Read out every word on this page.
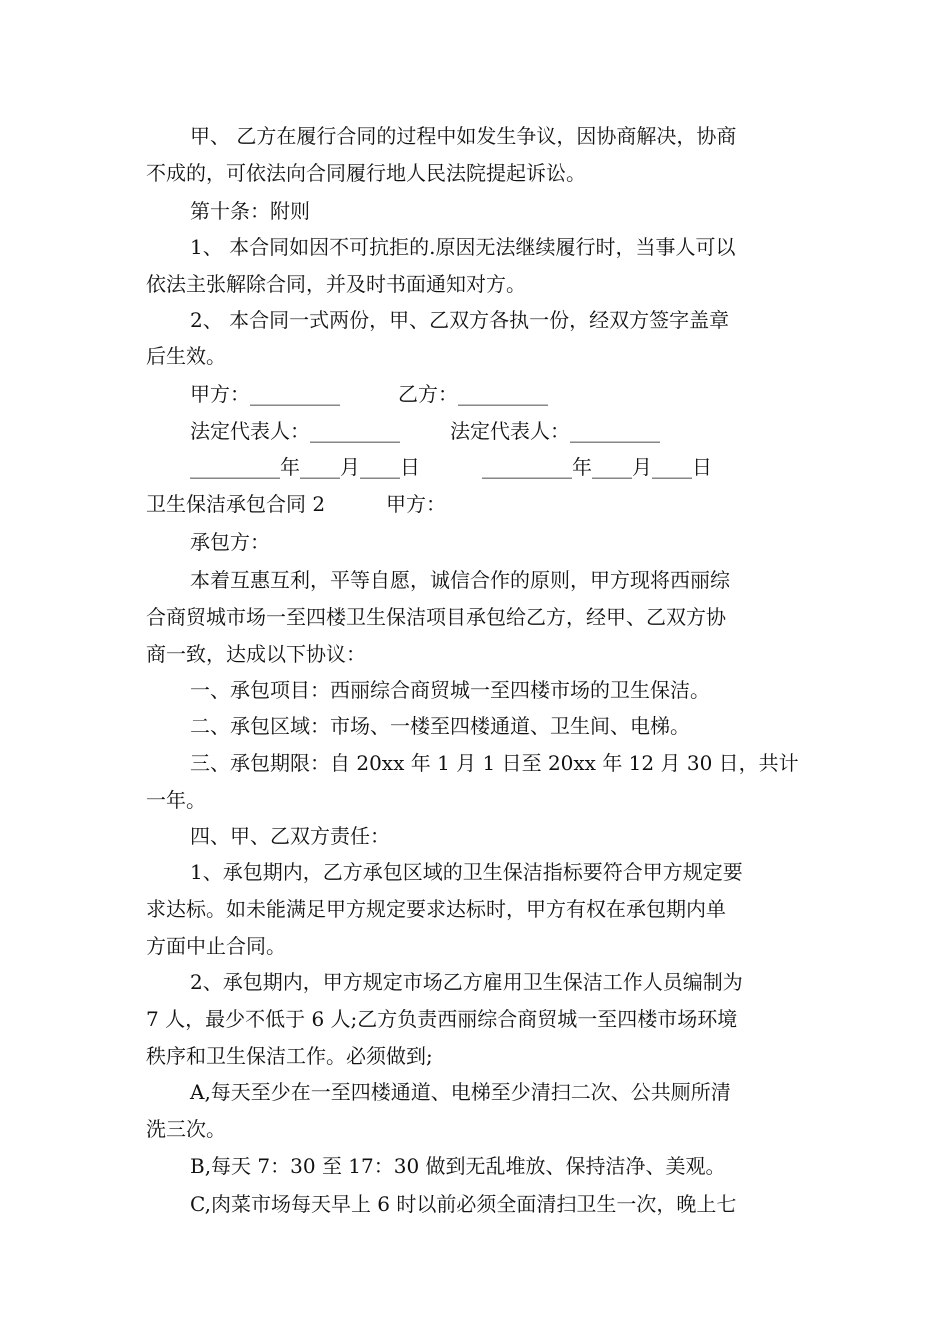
甲、 乙方在履行合同的过程中如发生争议，因协商解决，协商
不成的，可依法向合同履行地人民法院提起诉讼。
第十条：附则
1、 本合同如因不可抗拒的.原因无法继续履行时，当事人可以
依法主张解除合同，并及时书面通知对方。
2、 本合同一式两份，甲、乙双方各执一份，经双方签字盖章
后生效。
甲方：_________	乙方：_________
法定代表人：_________	法定代表人：_________
_________年____月____日	_________年____月____日
卫生保洁承包合同 2	甲方：
承包方：
本着互惠互利，平等自愿，诚信合作的原则，甲方现将西丽综
合商贸城市场一至四楼卫生保洁项目承包给乙方，经甲、乙双方协
商一致，达成以下协议：
一、承包项目：西丽综合商贸城一至四楼市场的卫生保洁。
二、承包区域：市场、一楼至四楼通道、卫生间、电梯。
三、承包期限：自 20xx 年 1 月 1 日至 20xx 年 12 月 30 日，共计
一年。
四、甲、乙双方责任：
1、承包期内，乙方承包区域的卫生保洁指标要符合甲方规定要
求达标。如未能满足甲方规定要求达标时，甲方有权在承包期内单
方面中止合同。
2、承包期内，甲方规定市场乙方雇用卫生保洁工作人员编制为
7 人，最少不低于 6 人;乙方负责西丽综合商贸城一至四楼市场环境
秩序和卫生保洁工作。必须做到;
A,每天至少在一至四楼通道、电梯至少清扫二次、公共厕所清
洗三次。
B,每天 7：30 至 17：30 做到无乱堆放、保持洁净、美观。
C,肉菜市场每天早上 6 时以前必须全面清扫卫生一次，晚上七
